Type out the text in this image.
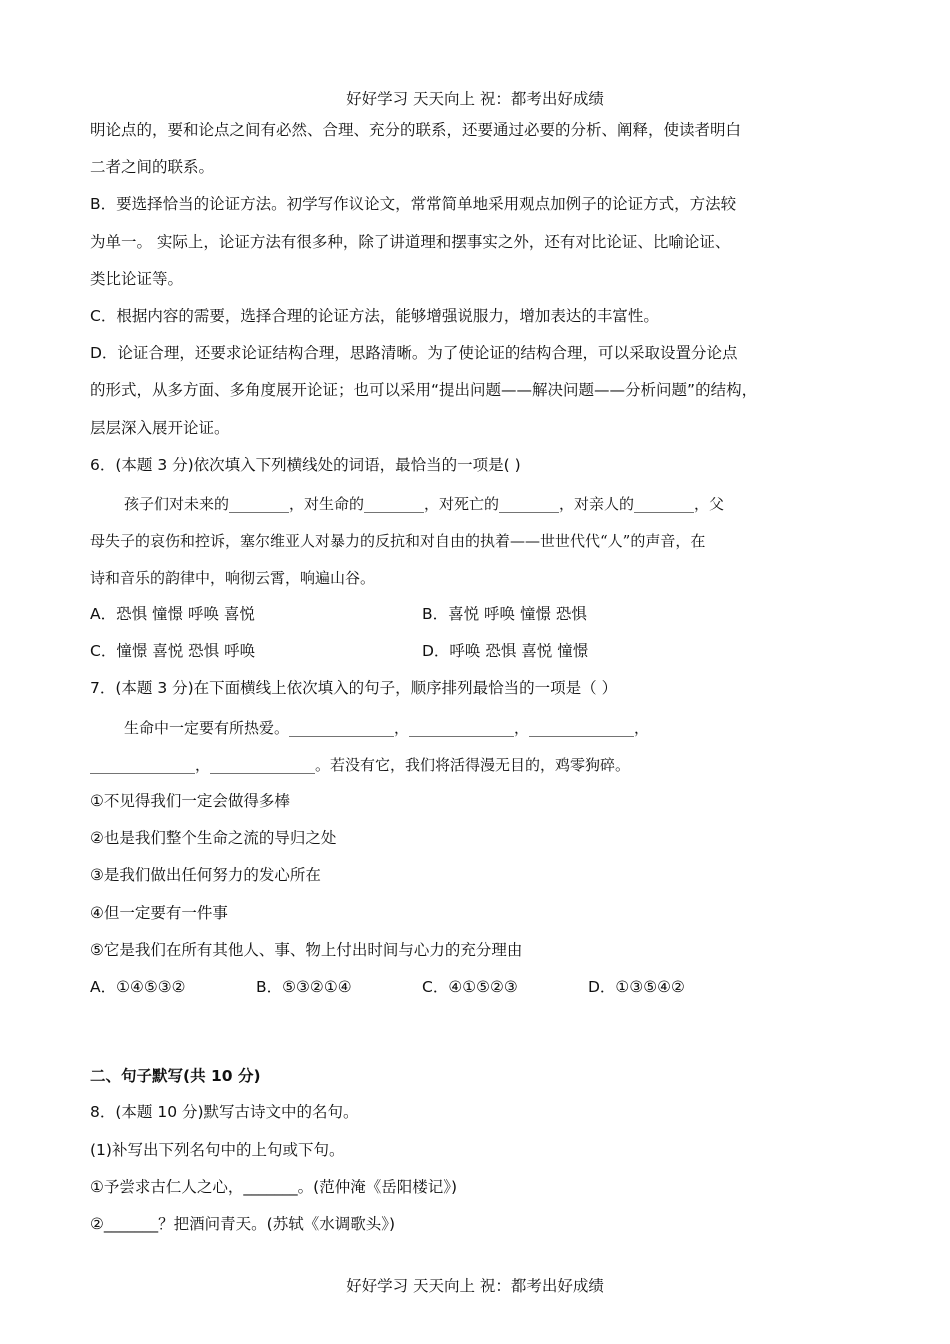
好好学习 天天向上 祝：都考出好成绩
明论点的，要和论点之间有必然、合理、充分的联系，还要通过必要的分析、阐释，使读者明白
二者之间的联系。
B．要选择恰当的论证方法。初学写作议论文，常常简单地采用观点加例子的论证方式，方法较
为单一。 实际上，论证方法有很多种，除了讲道理和摆事实之外，还有对比论证、比喻论证、
类比论证等。
C．根据内容的需要，选择合理的论证方法，能够增强说服力，增加表达的丰富性。
D．论证合理，还要求论证结构合理，思路清晰。为了使论证的结构合理，可以采取设置分论点
的形式，从多方面、多角度展开论证；也可以采用“提出问题——解决问题——分析问题”的结构，
层层深入展开论证。
6．(本题 3 分)依次填入下列横线处的词语，最恰当的一项是( )
孩子们对未来的________，对生命的________，对死亡的________，对亲人的________，父
母失子的哀伤和控诉，塞尔维亚人对暴力的反抗和对自由的执着——世世代代“人”的声音，在
诗和音乐的韵律中，响彻云霄，响遍山谷。
A．恐惧 憧憬 呼唤 喜悦	B．喜悦 呼唤 憧憬 恐惧
C．憧憬 喜悦 恐惧 呼唤	D．呼唤 恐惧 喜悦 憧憬
7．(本题 3 分)在下面横线上依次填入的句子，顺序排列最恰当的一项是（ ）
生命中一定要有所热爱。______________，______________，______________，
______________，______________。若没有它，我们将活得漫无目的，鸡零狗碎。
①不见得我们一定会做得多棒
②也是我们整个生命之流的导归之处
③是我们做出任何努力的发心所在
④但一定要有一件事
⑤它是我们在所有其他人、事、物上付出时间与心力的充分理由
A．①④⑤③②	B．⑤③②①④	C．④①⑤②③	D．①③⑤④②
二、句子默写(共 10 分)
8．(本题 10 分)默写古诗文中的名句。
(1)补写出下列名句中的上句或下句。
①予尝求古仁人之心，_______。(范仲淹《岳阳楼记》)
②_______？把酒问青天。(苏轼《水调歌头》)
好好学习 天天向上 祝：都考出好成绩
